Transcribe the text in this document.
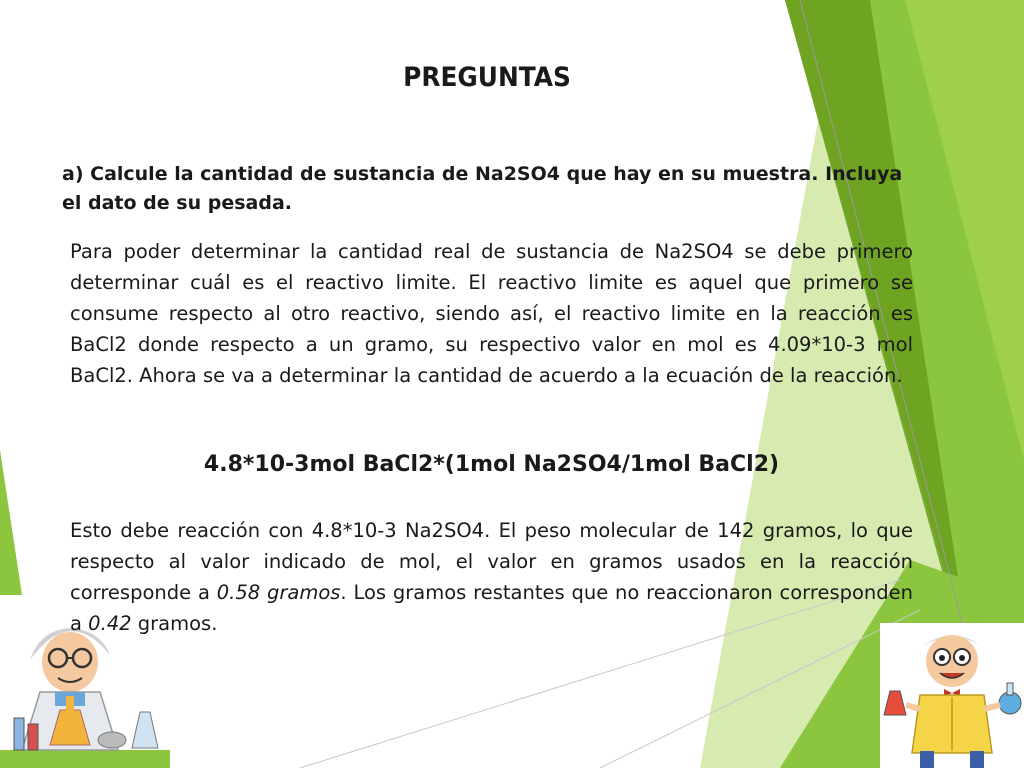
PREGUNTAS
a) Calcule la cantidad de sustancia de Na2SO4 que hay en su muestra. Incluya el dato de su pesada.
Para poder determinar la cantidad real de sustancia de Na2SO4 se debe primero determinar cuál es el reactivo limite. El reactivo limite es aquel que primero se consume respecto al otro reactivo, siendo así, el reactivo limite en la reacción es BaCl2 donde respecto a un gramo, su respectivo valor en mol es 4.09*10-3 mol BaCl2. Ahora se va a determinar la cantidad de acuerdo a la ecuación de la reacción.
4.8*10-3mol BaCl2*(1mol Na2SO4/1mol BaCl2)
Esto debe reacción con 4.8*10-3 Na2SO4. El peso molecular de 142 gramos, lo que respecto al valor indicado de mol, el valor en gramos usados en la reacción corresponde a 0.58 gramos. Los gramos restantes que no reaccionaron corresponden a 0.42 gramos.
